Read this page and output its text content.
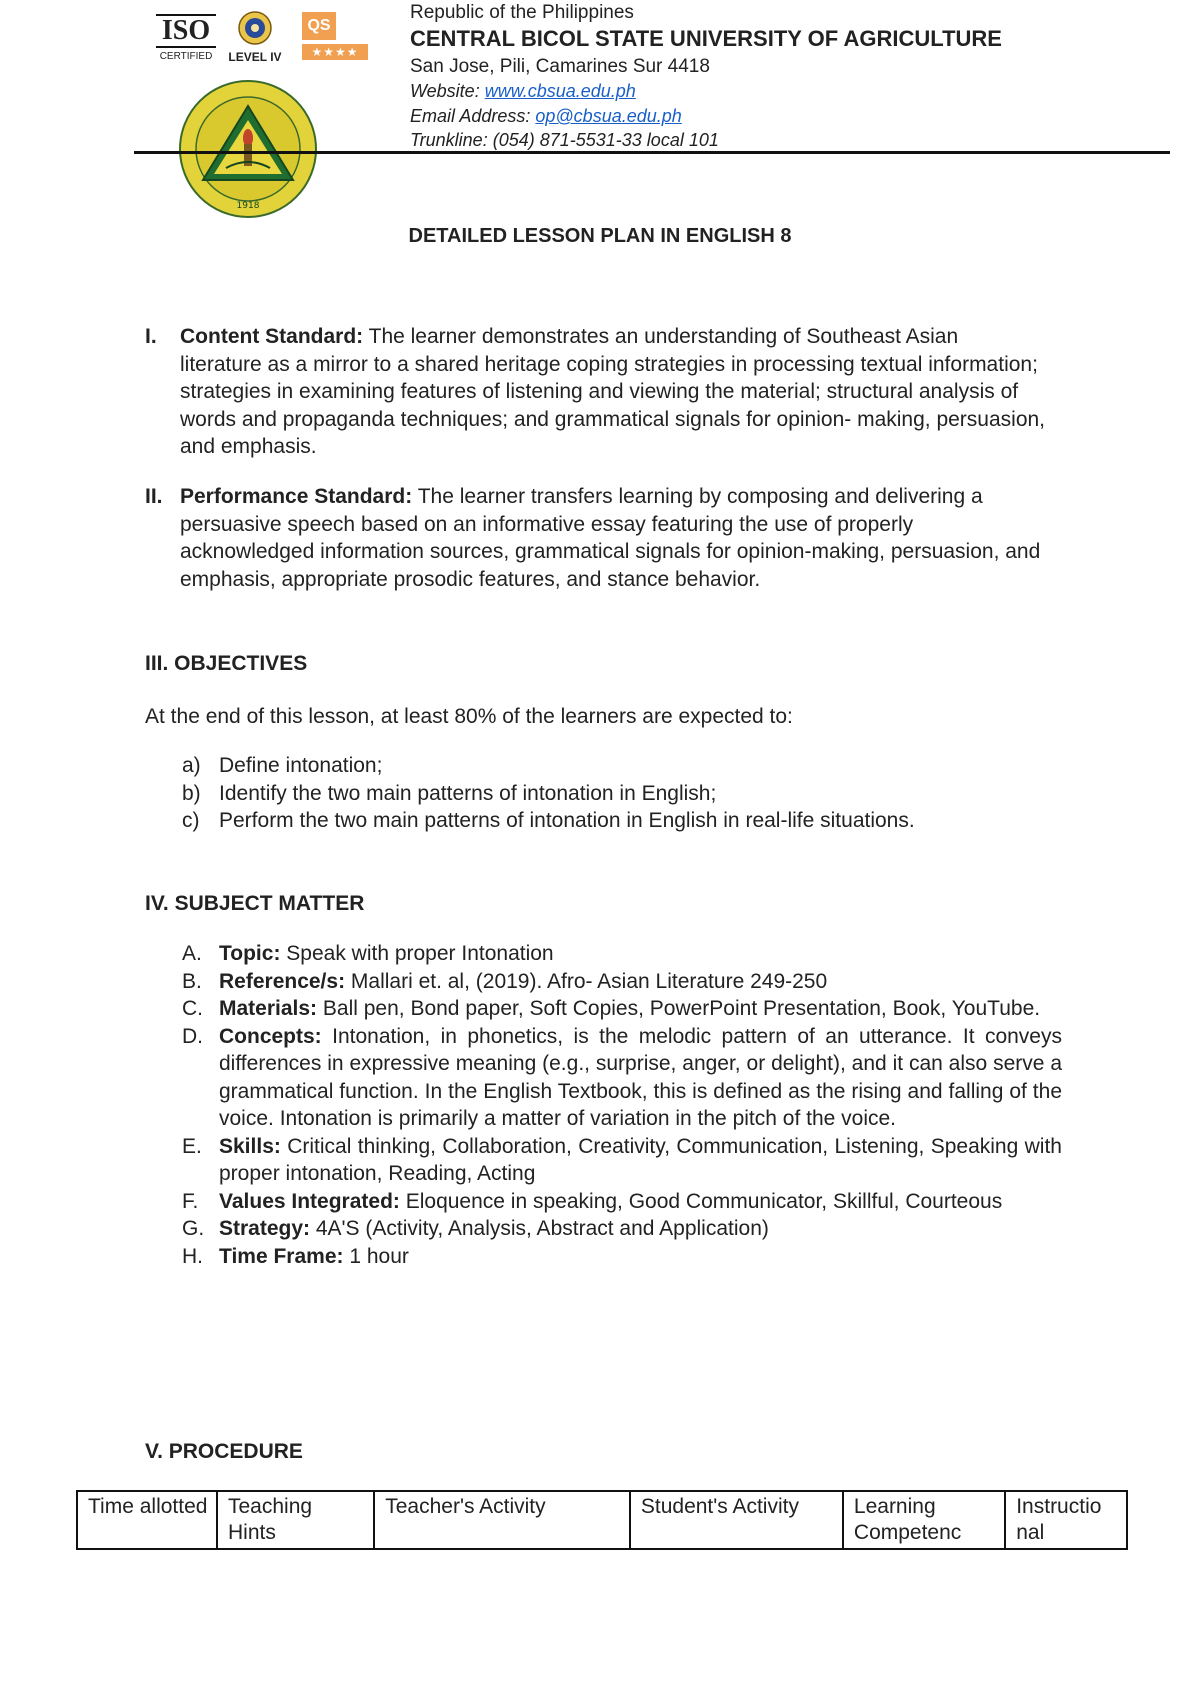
ISO
CERTIFIED	LEVEL IV
QS
★★★★
1918
Republic of the Philippines
CENTRAL BICOL STATE UNIVERSITY OF AGRICULTURE
San Jose, Pili, Camarines Sur 4418
Website: www.cbsua.edu.ph
Email Address: op@cbsua.edu.ph
Trunkline: (054) 871-5531-33 local 101
DETAILED LESSON PLAN IN ENGLISH 8
I. Content Standard: The learner demonstrates an understanding of Southeast Asian literature as a mirror to a shared heritage coping strategies in processing textual information; strategies in examining features of listening and viewing the material; structural analysis of words and propaganda techniques; and grammatical signals for opinion- making, persuasion, and emphasis.
II. Performance Standard: The learner transfers learning by composing and delivering a persuasive speech based on an informative essay featuring the use of properly acknowledged information sources, grammatical signals for opinion-making, persuasion, and emphasis, appropriate prosodic features, and stance behavior.
III. OBJECTIVES
At the end of this lesson, at least 80% of the learners are expected to:
a) Define intonation;
b) Identify the two main patterns of intonation in English;
c) Perform the two main patterns of intonation in English in real-life situations.
IV. SUBJECT MATTER
A. Topic: Speak with proper Intonation
B. Reference/s: Mallari et. al, (2019). Afro- Asian Literature 249-250
C. Materials: Ball pen, Bond paper, Soft Copies, PowerPoint Presentation, Book, YouTube.
D. Concepts: Intonation, in phonetics, is the melodic pattern of an utterance. It conveys differences in expressive meaning (e.g., surprise, anger, or delight), and it can also serve a grammatical function. In the English Textbook, this is defined as the rising and falling of the voice. Intonation is primarily a matter of variation in the pitch of the voice.
E. Skills: Critical thinking, Collaboration, Creativity, Communication, Listening, Speaking with proper intonation, Reading, Acting
F. Values Integrated: Eloquence in speaking, Good Communicator, Skillful, Courteous
G. Strategy: 4A'S (Activity, Analysis, Abstract and Application)
H. Time Frame: 1 hour
V. PROCEDURE
Time allotted	Teaching Hints	Teacher's Activity	Student's Activity	Learning Competenc	Instructio nal
